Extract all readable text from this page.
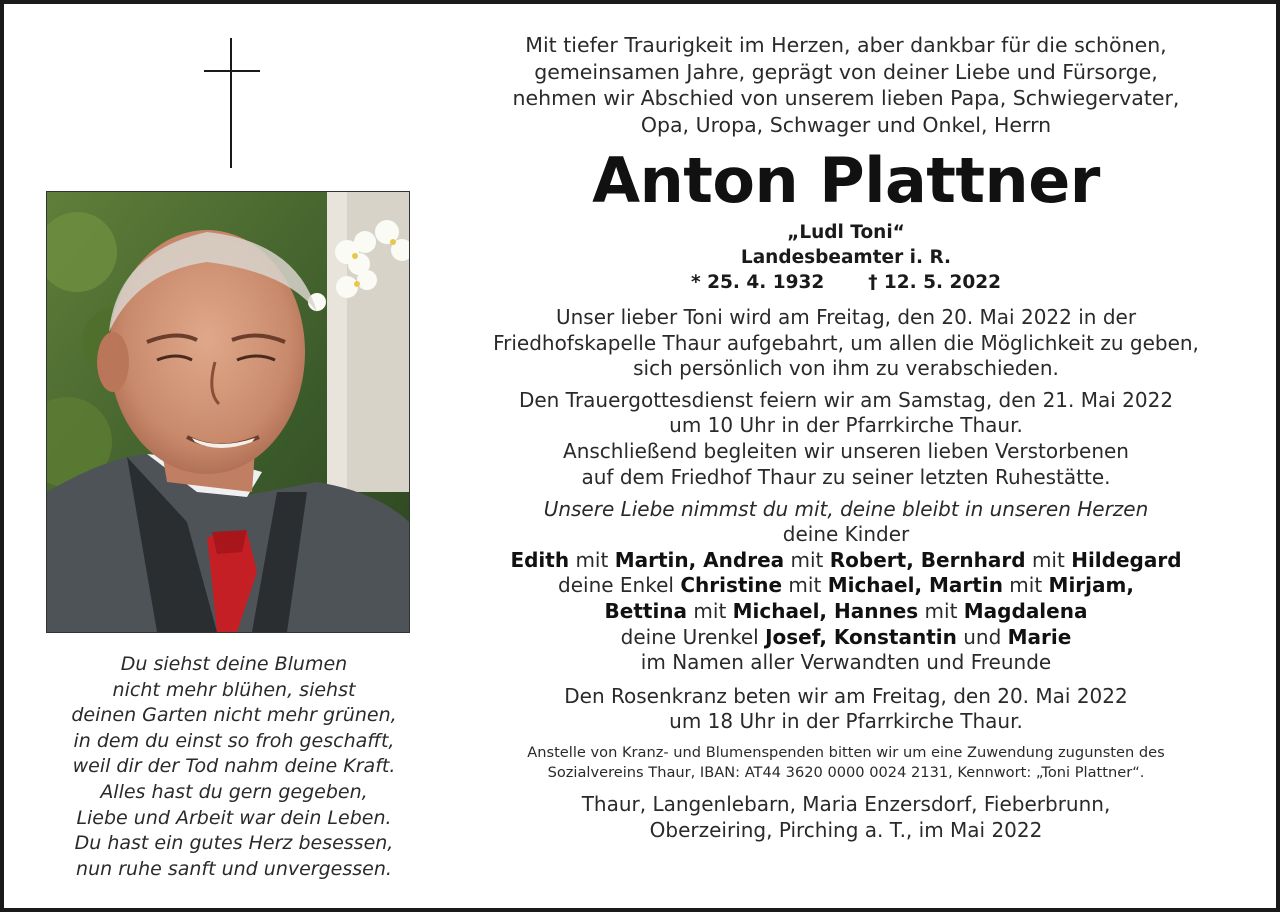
Du siehst deine Blumen
nicht mehr blühen, siehst
deinen Garten nicht mehr grünen,
in dem du einst so froh geschafft,
weil dir der Tod nahm deine Kraft.
Alles hast du gern gegeben,
Liebe und Arbeit war dein Leben.
Du hast ein gutes Herz besessen,
nun ruhe sanft und unvergessen.
Mit tiefer Traurigkeit im Herzen, aber dankbar für die schönen,
gemeinsamen Jahre, geprägt von deiner Liebe und Fürsorge,
nehmen wir Abschied von unserem lieben Papa, Schwiegervater,
Opa, Uropa, Schwager und Onkel, Herrn
Anton Plattner
„Ludl Toni“
Landesbeamter i. R.
* 25. 4. 1932 † 12. 5. 2022
Unser lieber Toni wird am Freitag, den 20. Mai 2022 in der
Friedhofskapelle Thaur aufgebahrt, um allen die Möglichkeit zu geben,
sich persönlich von ihm zu verabschieden.
Den Trauergottesdienst feiern wir am Samstag, den 21. Mai 2022
um 10 Uhr in der Pfarrkirche Thaur.
Anschließend begleiten wir unseren lieben Verstorbenen
auf dem Friedhof Thaur zu seiner letzten Ruhestätte.
Unsere Liebe nimmst du mit, deine bleibt in unseren Herzen
deine Kinder
Edith mit Martin, Andrea mit Robert, Bernhard mit Hildegard
deine Enkel Christine mit Michael, Martin mit Mirjam,
Bettina mit Michael, Hannes mit Magdalena
deine Urenkel Josef, Konstantin und Marie
im Namen aller Verwandten und Freunde
Den Rosenkranz beten wir am Freitag, den 20. Mai 2022
um 18 Uhr in der Pfarrkirche Thaur.
Anstelle von Kranz- und Blumenspenden bitten wir um eine Zuwendung zugunsten des
Sozialvereins Thaur, IBAN: AT44 3620 0000 0024 2131, Kennwort: „Toni Plattner“.
Thaur, Langenlebarn, Maria Enzersdorf, Fieberbrunn,
Oberzeiring, Pirching a. T., im Mai 2022
